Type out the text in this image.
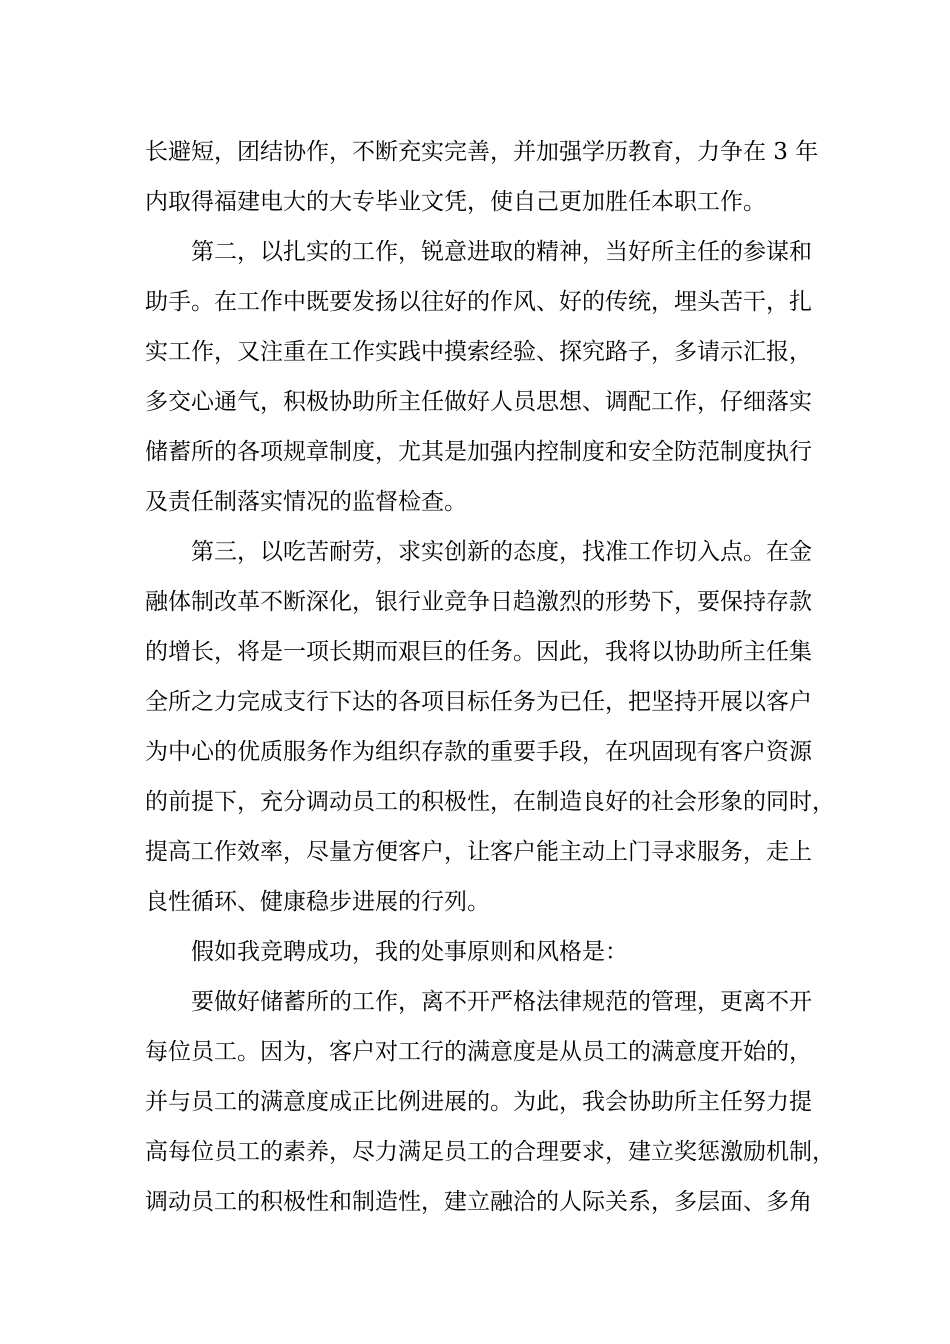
长避短，团结协作，不断充实完善，并加强学历教育，力争在 3 年
内取得福建电大的大专毕业文凭，使自己更加胜任本职工作。
第二，以扎实的工作，锐意进取的精神，当好所主任的参谋和
助手。在工作中既要发扬以往好的作风、好的传统，埋头苦干，扎
实工作，又注重在工作实践中摸索经验、探究路子，多请示汇报，
多交心通气，积极协助所主任做好人员思想、调配工作，仔细落实
储蓄所的各项规章制度，尤其是加强内控制度和安全防范制度执行
及责任制落实情况的监督检查。
第三，以吃苦耐劳，求实创新的态度，找准工作切入点。在金
融体制改革不断深化，银行业竞争日趋激烈的形势下，要保持存款
的增长，将是一项长期而艰巨的任务。因此，我将以协助所主任集
全所之力完成支行下达的各项目标任务为已任，把坚持开展以客户
为中心的优质服务作为组织存款的重要手段，在巩固现有客户资源
的前提下，充分调动员工的积极性，在制造良好的社会形象的同时，
提高工作效率，尽量方便客户，让客户能主动上门寻求服务，走上
良性循环、健康稳步进展的行列。
假如我竞聘成功，我的处事原则和风格是：
要做好储蓄所的工作，离不开严格法律规范的管理，更离不开
每位员工。因为，客户对工行的满意度是从员工的满意度开始的，
并与员工的满意度成正比例进展的。为此，我会协助所主任努力提
高每位员工的素养，尽力满足员工的合理要求，建立奖惩激励机制，
调动员工的积极性和制造性，建立融洽的人际关系，多层面、多角
